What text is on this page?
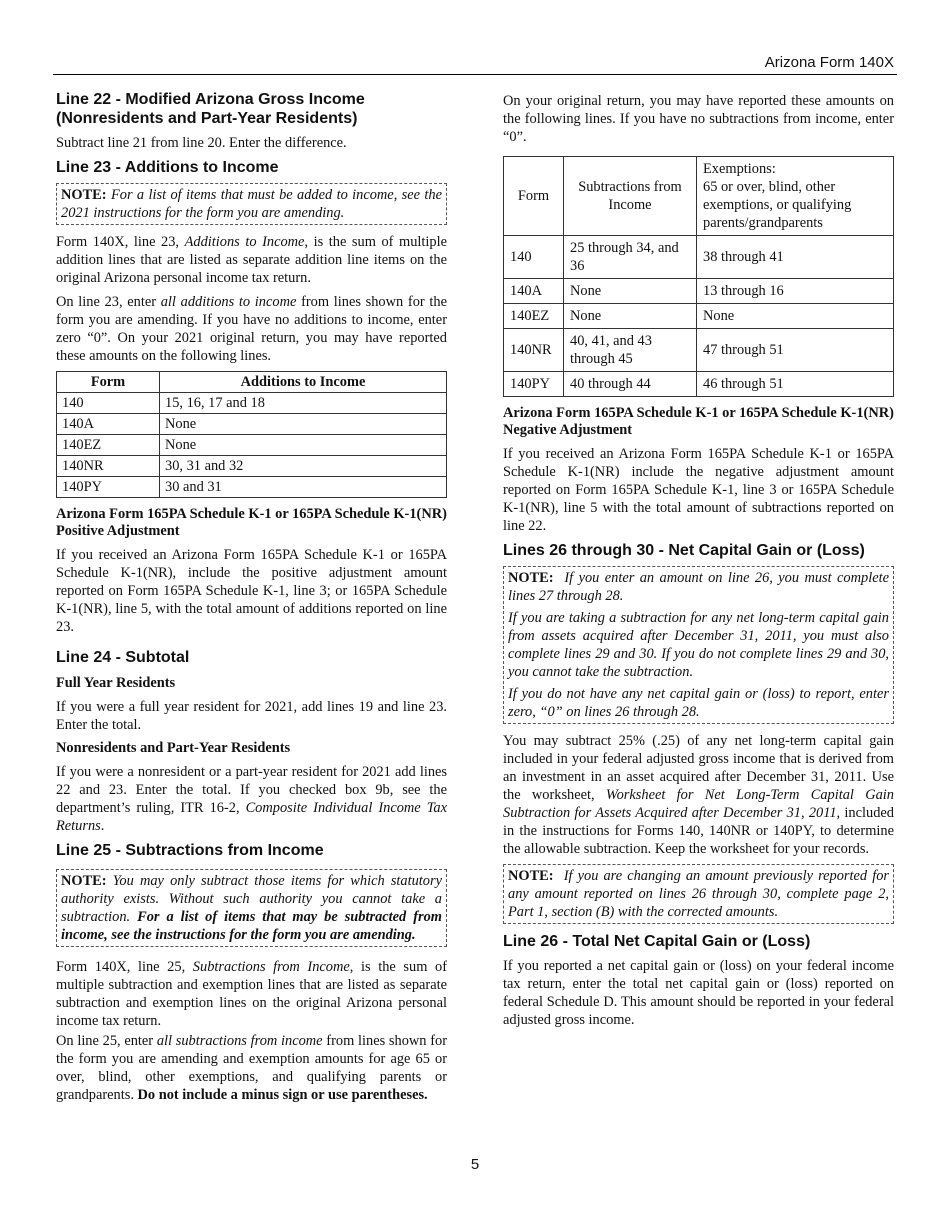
Arizona Form 140X
Line 22 - Modified Arizona Gross Income (Nonresidents and Part-Year Residents)

Subtract line 21 from line 20. Enter the difference.

Line 23 - Additions to Income
NOTE: For a list of items that must be added to income, see the 2021 instructions for the form you are amending.

Form 140X, line 23, Additions to Income, is the sum of multiple addition lines that are listed as separate addition line items on the original Arizona personal income tax return.

On line 23, enter all additions to income from lines shown for the form you are amending. If you have no additions to income, enter zero “0”. On your 2021 original return, you may have reported these amounts on the following lines.

Form	Additions to Income
140	15, 16, 17 and 18
140A	None
140EZ	None
140NR	30, 31 and 32
140PY	30 and 31
Arizona Form 165PA Schedule K-1 or 165PA Schedule K-1(NR) Positive Adjustment

If you received an Arizona Form 165PA Schedule K-1 or 165PA Schedule K-1(NR), include the positive adjustment amount reported on Form 165PA Schedule K-1, line 3; or 165PA Schedule K-1(NR), line 5, with the total amount of additions reported on line 23.

Line 24 - Subtotal
Full Year Residents

If you were a full year resident for 2021, add lines 19 and line 23. Enter the total.

Nonresidents and Part-Year Residents

If you were a nonresident or a part-year resident for 2021 add lines 22 and 23. Enter the total. If you checked box 9b, see the department’s ruling, ITR 16-2, Composite Individual Income Tax Returns.

Line 25 - Subtractions from Income
NOTE: You may only subtract those items for which statutory authority exists. Without such authority you cannot take a subtraction. For a list of items that may be subtracted from income, see the instructions for the form you are amending.

Form 140X, line 25, Subtractions from Income, is the sum of multiple subtraction and exemption lines that are listed as separate subtraction and exemption lines on the original Arizona personal income tax return.

On line 25, enter all subtractions from income from lines shown for the form you are amending and exemption amounts for age 65 or over, blind, other exemptions, and qualifying parents or grandparents. Do not include a minus sign or use parentheses.

On your original return, you may have reported these amounts on the following lines. If you have no subtractions from income, enter “0”.

Form	Subtractions from Income	Exemptions:
65 or over, blind, other exemptions, or qualifying parents/grandparents
140	25 through 34, and 36	38 through 41
140A	None	13 through 16
140EZ	None	None
140NR	40, 41, and 43 through 45	47 through 51
140PY	40 through 44	46 through 51
Arizona Form 165PA Schedule K-1 or 165PA Schedule K-1(NR) Negative Adjustment

If you received an Arizona Form 165PA Schedule K-1 or 165PA Schedule K-1(NR) include the negative adjustment amount reported on Form 165PA Schedule K-1, line 3 or 165PA Schedule K-1(NR), line 5 with the total amount of subtractions reported on line 22.

Lines 26 through 30 - Net Capital Gain or (Loss)

NOTE: If you enter an amount on line 26, you must complete lines 27 through 28.

If you are taking a subtraction for any net long-term capital gain from assets acquired after December 31, 2011, you must also complete lines 29 and 30. If you do not complete lines 29 and 30, you cannot take the subtraction.

If you do not have any net capital gain or (loss) to report, enter zero, “0” on lines 26 through 28.

You may subtract 25% (.25) of any net long-term capital gain included in your federal adjusted gross income that is derived from an investment in an asset acquired after December 31, 2011. Use the worksheet, Worksheet for Net Long-Term Capital Gain Subtraction for Assets Acquired after December 31, 2011, included in the instructions for Forms 140, 140NR or 140PY, to determine the allowable subtraction. Keep the worksheet for your records.

NOTE: If you are changing an amount previously reported for any amount reported on lines 26 through 30, complete page 2, Part 1, section (B) with the corrected amounts.
Line 26 - Total Net Capital Gain or (Loss)

If you reported a net capital gain or (loss) on your federal income tax return, enter the total net capital gain or (loss) reported on federal Schedule D. This amount should be reported in your federal adjusted gross income.

5
